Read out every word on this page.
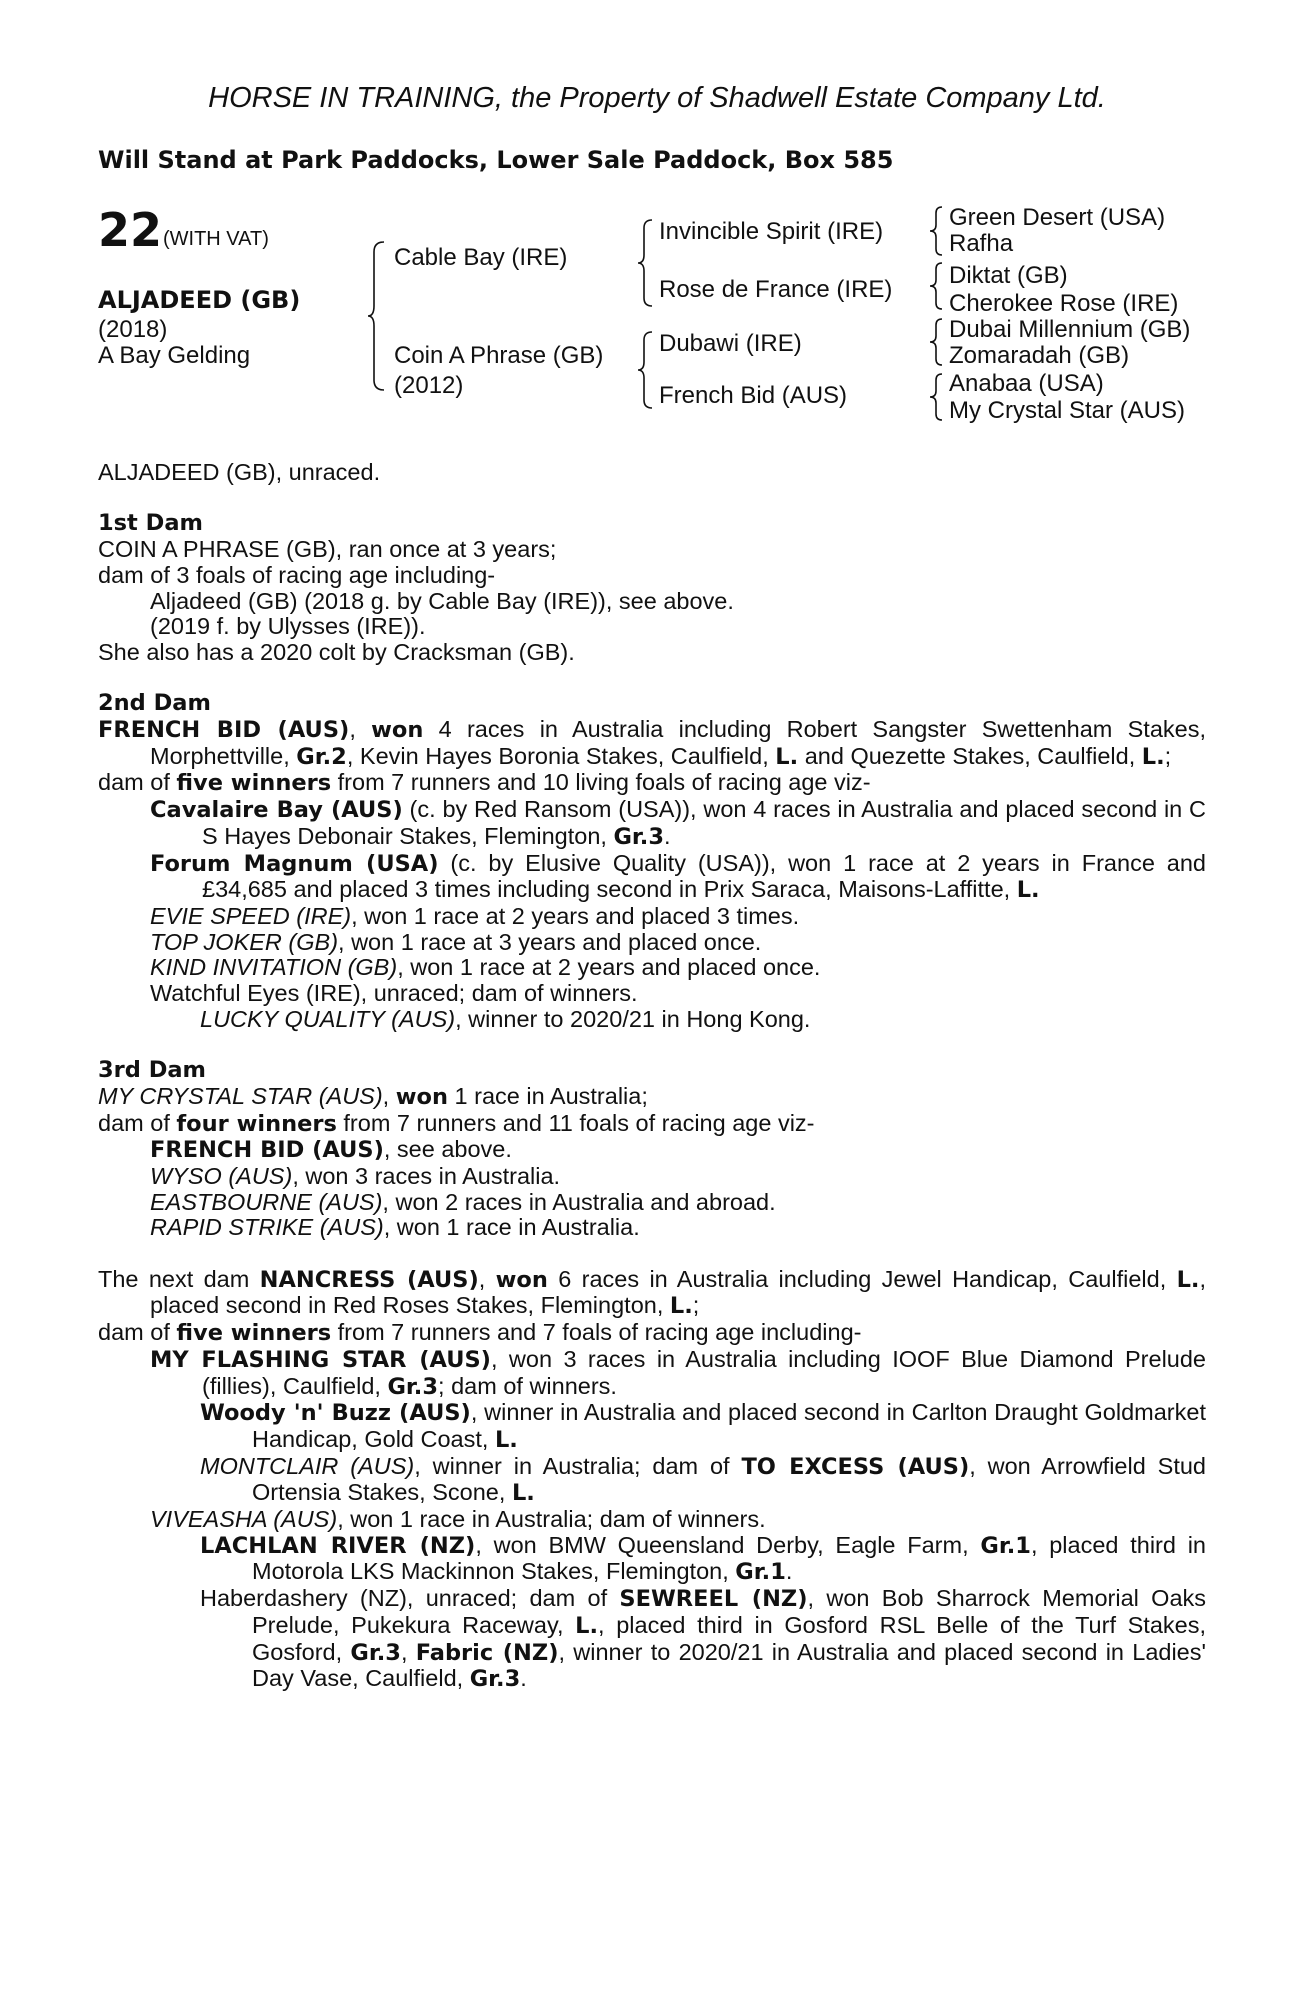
HORSE IN TRAINING, the Property of Shadwell Estate Company Ltd.
Will Stand at Park Paddocks, Lower Sale Paddock, Box 585
22 (WITH VAT)
ALJADEED (GB)
(2018)
A Bay Gelding
Cable Bay (IRE)
Coin A Phrase (GB)
(2012)
Invincible Spirit (IRE)
Rose de France (IRE)
Dubawi (IRE)
French Bid (AUS)
Green Desert (USA)
Rafha
Diktat (GB)
Cherokee Rose (IRE)
Dubai Millennium (GB)
Zomaradah (GB)
Anabaa (USA)
My Crystal Star (AUS)

ALJADEED (GB), unraced.

1st Dam

COIN A PHRASE (GB), ran once at 3 years;

dam of 3 foals of racing age including-

Aljadeed (GB) (2018 g. by Cable Bay (IRE)), see above.

(2019 f. by Ulysses (IRE)).

She also has a 2020 colt by Cracksman (GB).

2nd Dam

FRENCH BID (AUS), won 4 races in Australia including Robert Sangster Swettenham Stakes, Morphettville, Gr.2, Kevin Hayes Boronia Stakes, Caulfield, L. and Quezette Stakes, Caulfield, L.;

dam of five winners from 7 runners and 10 living foals of racing age viz-

Cavalaire Bay (AUS) (c. by Red Ransom (USA)), won 4 races in Australia and placed second in C S Hayes Debonair Stakes, Flemington, Gr.3.

Forum Magnum (USA) (c. by Elusive Quality (USA)), won 1 race at 2 years in France and £34,685 and placed 3 times including second in Prix Saraca, Maisons-Laffitte, L.

EVIE SPEED (IRE), won 1 race at 2 years and placed 3 times.

TOP JOKER (GB), won 1 race at 3 years and placed once.

KIND INVITATION (GB), won 1 race at 2 years and placed once.

Watchful Eyes (IRE), unraced; dam of winners.

LUCKY QUALITY (AUS), winner to 2020/21 in Hong Kong.

3rd Dam

MY CRYSTAL STAR (AUS), won 1 race in Australia;

dam of four winners from 7 runners and 11 foals of racing age viz-

FRENCH BID (AUS), see above.

WYSO (AUS), won 3 races in Australia.

EASTBOURNE (AUS), won 2 races in Australia and abroad.

RAPID STRIKE (AUS), won 1 race in Australia.

The next dam NANCRESS (AUS), won 6 races in Australia including Jewel Handicap, Caulfield, L., placed second in Red Roses Stakes, Flemington, L.;

dam of five winners from 7 runners and 7 foals of racing age including-

MY FLASHING STAR (AUS), won 3 races in Australia including IOOF Blue Diamond Prelude (fillies), Caulfield, Gr.3; dam of winners.

Woody 'n' Buzz (AUS), winner in Australia and placed second in Carlton Draught Goldmarket Handicap, Gold Coast, L.

MONTCLAIR (AUS), winner in Australia; dam of TO EXCESS (AUS), won Arrowfield Stud Ortensia Stakes, Scone, L.

VIVEASHA (AUS), won 1 race in Australia; dam of winners.

LACHLAN RIVER (NZ), won BMW Queensland Derby, Eagle Farm, Gr.1, placed third in Motorola LKS Mackinnon Stakes, Flemington, Gr.1.

Haberdashery (NZ), unraced; dam of SEWREEL (NZ), won Bob Sharrock Memorial Oaks Prelude, Pukekura Raceway, L., placed third in Gosford RSL Belle of the Turf Stakes, Gosford, Gr.3, Fabric (NZ), winner to 2020/21 in Australia and placed second in Ladies' Day Vase, Caulfield, Gr.3.
